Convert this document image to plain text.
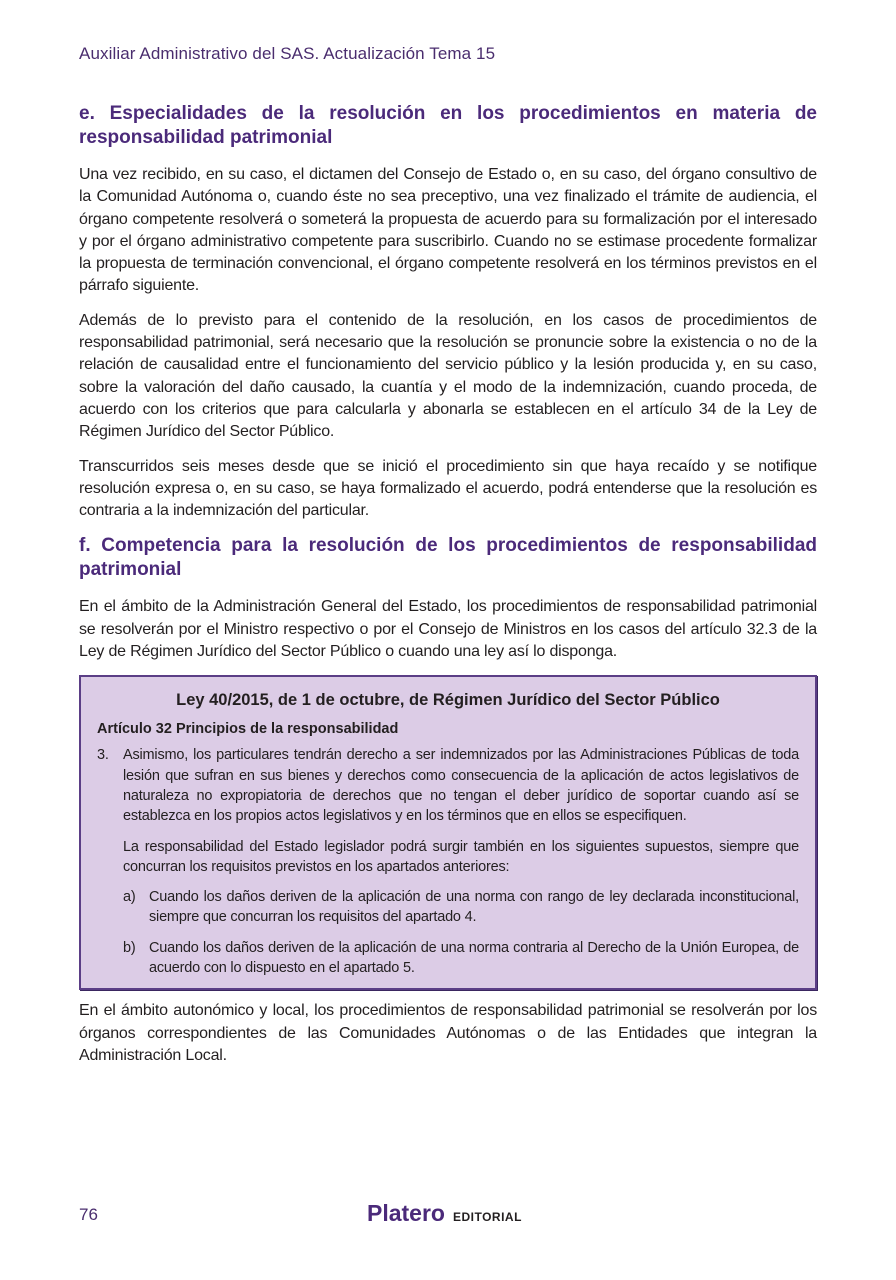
Auxiliar Administrativo del SAS. Actualización Tema 15
e. Especialidades de la resolución en los procedimientos en materia de responsabilidad patrimonial

Una vez recibido, en su caso, el dictamen del Consejo de Estado o, en su caso, del órgano consultivo de la Comunidad Autónoma o, cuando éste no sea preceptivo, una vez finalizado el trámite de audiencia, el órgano competente resolverá o someterá la propuesta de acuerdo para su formalización por el interesado y por el órgano administrativo competente para suscribirlo. Cuando no se estimase procedente formalizar la propuesta de terminación convencional, el órgano competente resolverá en los términos previstos en el párrafo siguiente.

Además de lo previsto para el contenido de la resolución, en los casos de procedimientos de responsabilidad patrimonial, será necesario que la resolución se pronuncie sobre la existencia o no de la relación de causalidad entre el funcionamiento del servicio público y la lesión producida y, en su caso, sobre la valoración del daño causado, la cuantía y el modo de la indemnización, cuando proceda, de acuerdo con los criterios que para calcularla y abonarla se establecen en el artículo 34 de la Ley de Régimen Jurídico del Sector Público.

Transcurridos seis meses desde que se inició el procedimiento sin que haya recaído y se notifique resolución expresa o, en su caso, se haya formalizado el acuerdo, podrá entenderse que la resolución es contraria a la indemnización del particular.

f. Competencia para la resolución de los procedimientos de responsabilidad patrimonial

En el ámbito de la Administración General del Estado, los procedimientos de responsabilidad patrimonial se resolverán por el Ministro respectivo o por el Consejo de Ministros en los casos del artículo 32.3 de la Ley de Régimen Jurídico del Sector Público o cuando una ley así lo disponga.

Ley 40/2015, de 1 de octubre, de Régimen Jurídico del Sector Público
Artículo 32 Principios de la responsabilidad
3. Asimismo, los particulares tendrán derecho a ser indemnizados por las Administraciones Públicas de toda lesión que sufran en sus bienes y derechos como consecuencia de la aplicación de actos legislativos de naturaleza no expropiatoria de derechos que no tengan el deber jurídico de soportar cuando así se establezca en los propios actos legislativos y en los términos que en ellos se especifiquen.
La responsabilidad del Estado legislador podrá surgir también en los siguientes supuestos, siempre que concurran los requisitos previstos en los apartados anteriores:
a) Cuando los daños deriven de la aplicación de una norma con rango de ley declarada inconstitucional, siempre que concurran los requisitos del apartado 4.
b) Cuando los daños deriven de la aplicación de una norma contraria al Derecho de la Unión Europea, de acuerdo con lo dispuesto en el apartado 5.

En el ámbito autonómico y local, los procedimientos de responsabilidad patrimonial se resolverán por los órganos correspondientes de las Comunidades Autónomas o de las Entidades que integran la Administración Local.

76	Platero EDITORIAL
